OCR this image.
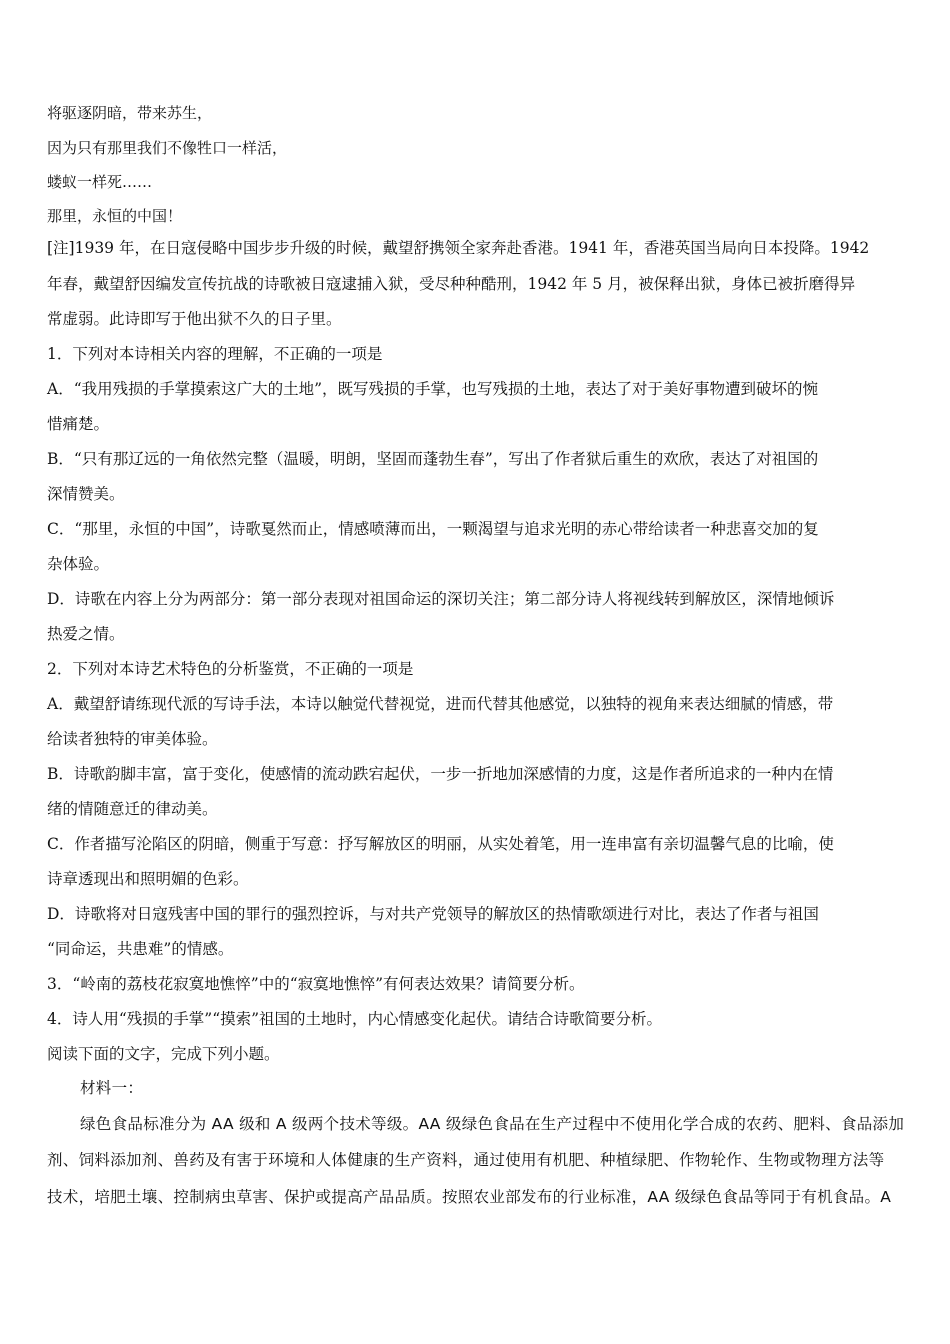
将驱逐阴暗，带来苏生，
因为只有那里我们不像牲口一样活，
蝼蚁一样死……
那里，永恒的中国！
[注]1939 年，在日寇侵略中国步步升级的时候，戴望舒携领全家奔赴香港。1941 年，香港英国当局向日本投降。1942
年春，戴望舒因编发宣传抗战的诗歌被日寇逮捕入狱，受尽种种酷刑，1942 年 5 月，被保释出狱，身体已被折磨得异
常虚弱。此诗即写于他出狱不久的日子里。
1．下列对本诗相关内容的理解，不正确的一项是
A．“我用残损的手掌摸索这广大的土地”，既写残损的手掌，也写残损的土地，表达了对于美好事物遭到破坏的惋
惜痛楚。
B．“只有那辽远的一角依然完整（温暖，明朗，坚固而蓬勃生春”，写出了作者狱后重生的欢欣，表达了对祖国的
深情赞美。
C．“那里，永恒的中国”，诗歌戛然而止，情感喷薄而出，一颗渴望与追求光明的赤心带给读者一种悲喜交加的复
杂体验。
D．诗歌在内容上分为两部分：第一部分表现对祖国命运的深切关注；第二部分诗人将视线转到解放区，深情地倾诉
热爱之情。
2．下列对本诗艺术特色的分析鉴赏，不正确的一项是
A．戴望舒请练现代派的写诗手法，本诗以触觉代替视觉，进而代替其他感觉，以独特的视角来表达细腻的情感，带
给读者独特的审美体验。
B．诗歌韵脚丰富，富于变化，使感情的流动跌宕起伏，一步一折地加深感情的力度，这是作者所追求的一种内在情
绪的情随意迁的律动美。
C．作者描写沦陷区的阴暗，侧重于写意：抒写解放区的明丽，从实处着笔，用一连串富有亲切温馨气息的比喻，使
诗章透现出和照明媚的色彩。
D．诗歌将对日寇残害中国的罪行的强烈控诉，与对共产党领导的解放区的热情歌颂进行对比，表达了作者与祖国
“同命运，共患难”的情感。
3．“岭南的荔枝花寂寞地憔悴”中的“寂寞地憔悴”有何表达效果？请简要分析。
4．诗人用“残损的手掌”“摸索”祖国的土地时，内心情感变化起伏。请结合诗歌简要分析。
阅读下面的文字，完成下列小题。
材料一：
绿色食品标准分为 AA 级和 A 级两个技术等级。AA 级绿色食品在生产过程中不使用化学合成的农药、肥料、食品添加
剂、饲料添加剂、兽药及有害于环境和人体健康的生产资料，通过使用有机肥、种植绿肥、作物轮作、生物或物理方法等
技术，培肥土壤、控制病虫草害、保护或提高产品品质。按照农业部发布的行业标准，AA 级绿色食品等同于有机食品。A
